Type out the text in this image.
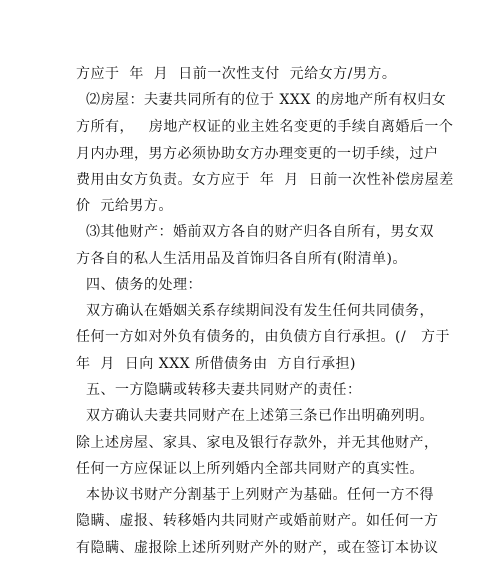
方应于  年  月  日前一次性支付  元给女方/男方。
⑵房屋：夫妻共同所有的位于 XXX 的房地产所有权归女
方所有，   房地产权证的业主姓名变更的手续自离婚后一个
月内办理，男方必须协助女方办理变更的一切手续，过户
费用由女方负责。女方应于  年  月  日前一次性补偿房屋差
价  元给男方。
⑶其他财产：婚前双方各自的财产归各自所有，男女双
方各自的私人生活用品及首饰归各自所有(附清单)。
四、债务的处理：
双方确认在婚姻关系存续期间没有发生任何共同债务，
任何一方如对外负有债务的，由负债方自行承担。(/   方于
年  月  日向 XXX 所借债务由  方自行承担)
五、一方隐瞒或转移夫妻共同财产的责任：
双方确认夫妻共同财产在上述第三条已作出明确列明。
除上述房屋、家具、家电及银行存款外，并无其他财产，
任何一方应保证以上所列婚内全部共同财产的真实性。
本协议书财产分割基于上列财产为基础。任何一方不得
隐瞒、虚报、转移婚内共同财产或婚前财产。如任何一方
有隐瞒、虚报除上述所列财产外的财产，或在签订本协议
